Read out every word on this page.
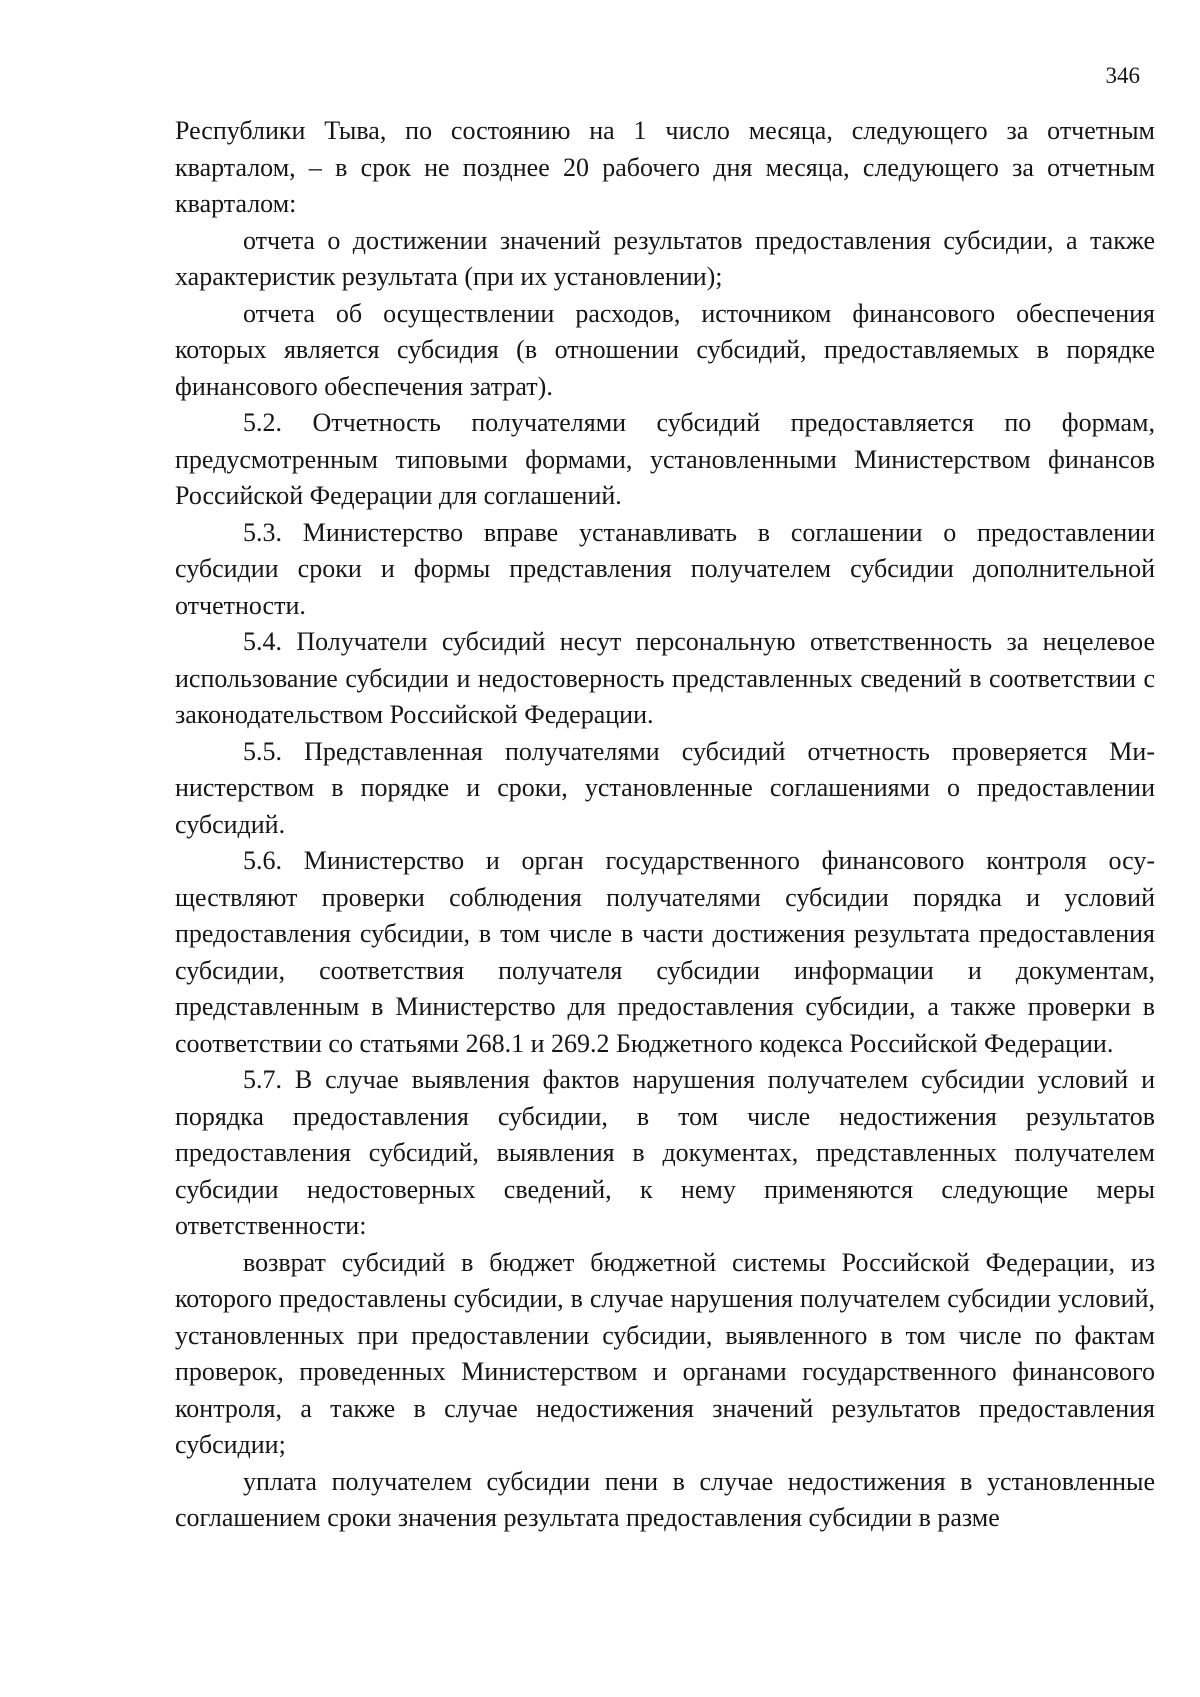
346

Республики Тыва, по состоянию на 1 число месяца, следующего за отчетным кварталом, – в срок не позднее 20 рабочего дня месяца, следующего за отчетным кварталом:

отчета о достижении значений результатов предоставления субсидии, а также характеристик результата (при их установлении);

отчета об осуществлении расходов, источником финансового обеспечения которых является субсидия (в отношении субсидий, предоставляемых в порядке финансового обеспечения затрат).

5.2. Отчетность получателями субсидий предоставляется по формам, предусмотренным типовыми формами, установленными Министерством финансов Российской Федерации для соглашений.

5.3. Министерство вправе устанавливать в соглашении о предоставлении субсидии сроки и формы представления получателем субсидии дополнительной отчетности.

5.4. Получатели субсидий несут персональную ответственность за нецелевое использование субсидии и недостоверность представленных сведений в соответствии с законодательством Российской Федерации.

5.5. Представленная получателями субсидий отчетность проверяется Министерством в порядке и сроки, установленные соглашениями о предоставлении субсидий.

5.6. Министерство и орган государственного финансового контроля осуществляют проверки соблюдения получателями субсидии порядка и условий предоставления субсидии, в том числе в части достижения результата предоставления субсидии, соответствия получателя субсидии информации и документам, представленным в Министерство для предоставления субсидии, а также проверки в соответствии со статьями 268.1 и 269.2 Бюджетного кодекса Российской Федерации.

5.7. В случае выявления фактов нарушения получателем субсидии условий и порядка предоставления субсидии, в том числе недостижения результатов предоставления субсидий, выявления в документах, представленных получателем субсидии недостоверных сведений, к нему применяются следующие меры ответственности:

возврат субсидий в бюджет бюджетной системы Российской Федерации, из которого предоставлены субсидии, в случае нарушения получателем субсидии условий, установленных при предоставлении субсидии, выявленного в том числе по фактам проверок, проведенных Министерством и органами государственного финансового контроля, а также в случае недостижения значений результатов предоставления субсидии;

уплата получателем субсидии пени в случае недостижения в установленные соглашением сроки значения результата предоставления субсидии в разме
